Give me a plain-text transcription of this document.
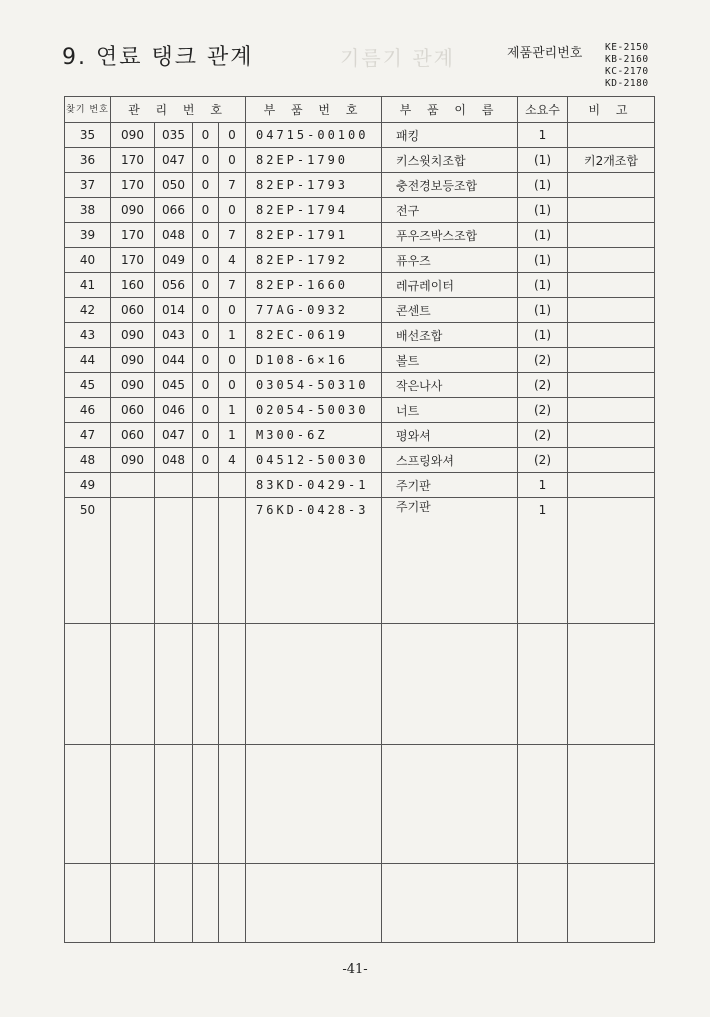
기름기 관계
9. 연료 탱크 관계	제품관리번호 KE-2150
KB-2160
KC-2170
KD-2180
찾기 번호	관 리 번 호				부 품 번 호	부 품 이 름	소요수	비 고
35	090	035	0	0	04715-00100	패킹	1	
36	170	047	0	0	82EP-1790	키스윗치조합	(1)	키2개조합
37	170	050	0	7	82EP-1793	충전경보등조합	(1)	
38	090	066	0	0	82EP-1794	전구	(1)	
39	170	048	0	7	82EP-1791	푸우즈박스조합	(1)	
40	170	049	0	4	82EP-1792	퓨우즈	(1)	
41	160	056	0	7	82EP-1660	레규레이터	(1)	
42	060	014	0	0	77AG-0932	콘센트	(1)	
43	090	043	0	1	82EC-0619	배선조합	(1)	
44	090	044	0	0	D108-6×16	볼트	(2)	
45	090	045	0	0	03054-50310	작은나사	(2)	
46	060	046	0	1	02054-50030	너트	(2)	
47	060	047	0	1	M300-6Z	평와셔	(2)	
48	090	048	0	4	04512-50030	스프링와셔	(2)	
49					83KD-0429-1	주기판	1	
50					76KD-0428-3	주기판	1	

-41-
